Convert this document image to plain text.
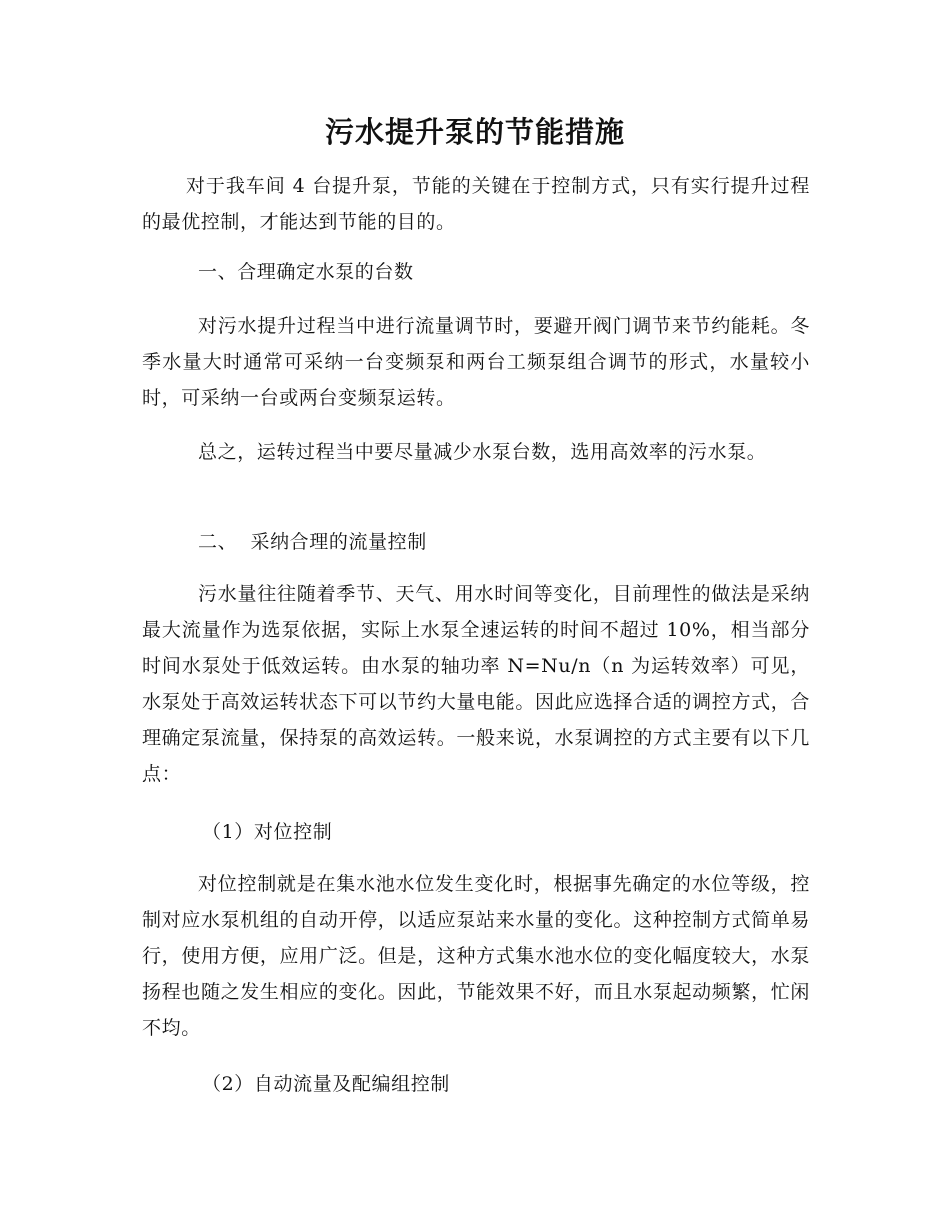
污水提升泵的节能措施

对于我车间 4 台提升泵，节能的关键在于控制方式，只有实行提升过程的最优控制，才能达到节能的目的。

一、合理确定水泵的台数

对污水提升过程当中进行流量调节时，要避开阀门调节来节约能耗。冬季水量大时通常可采纳一台变频泵和两台工频泵组合调节的形式，水量较小时，可采纳一台或两台变频泵运转。

总之，运转过程当中要尽量减少水泵台数，选用高效率的污水泵。

二、  采纳合理的流量控制

污水量往往随着季节、天气、用水时间等变化，目前理性的做法是采纳最大流量作为选泵依据，实际上水泵全速运转的时间不超过 10%，相当部分时间水泵处于低效运转。由水泵的轴功率 N=Nu/n（n 为运转效率）可见，水泵处于高效运转状态下可以节约大量电能。因此应选择合适的调控方式，合理确定泵流量，保持泵的高效运转。一般来说，水泵调控的方式主要有以下几点：

（1）对位控制

对位控制就是在集水池水位发生变化时，根据事先确定的水位等级，控制对应水泵机组的自动开停，以适应泵站来水量的变化。这种控制方式简单易行，使用方便，应用广泛。但是，这种方式集水池水位的变化幅度较大，水泵扬程也随之发生相应的变化。因此，节能效果不好，而且水泵起动频繁，忙闲不均。

（2）自动流量及配编组控制
